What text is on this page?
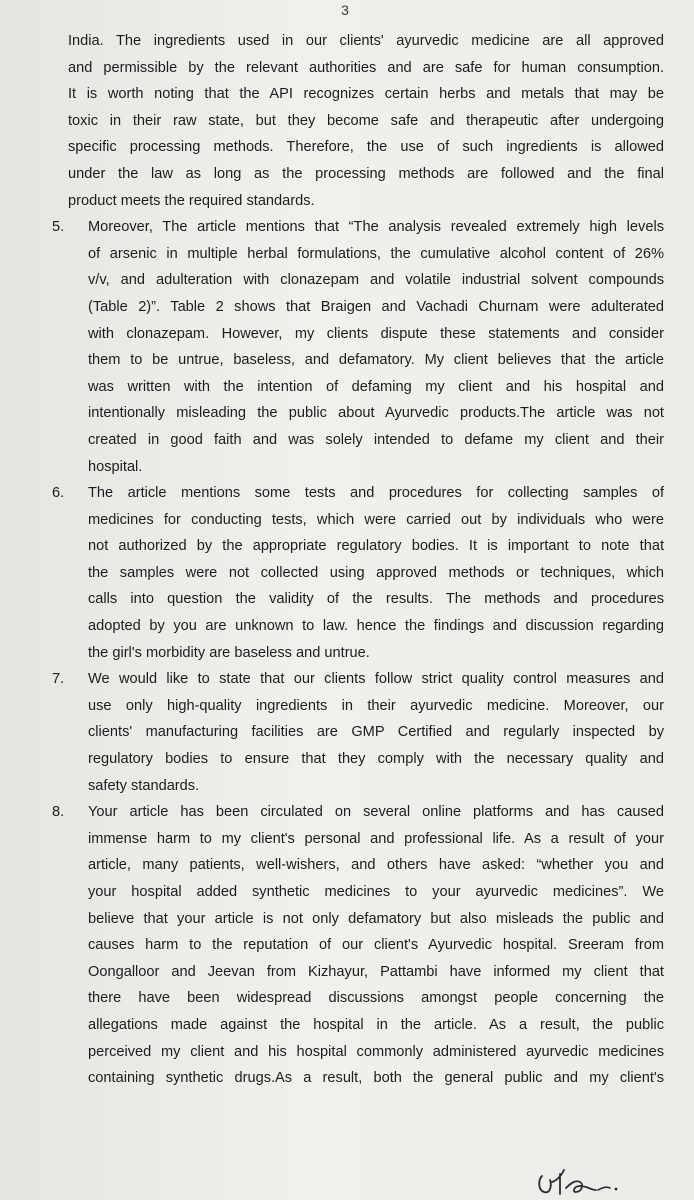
3
India. The ingredients used in our clients' ayurvedic medicine are all approved
and permissible by the relevant authorities and are safe for human consumption.
It is worth noting that the API recognizes certain herbs and metals that may be
toxic in their raw state, but they become safe and therapeutic after undergoing
specific processing methods. Therefore, the use of such ingredients is allowed
under the law as long as the processing methods are followed and the final
product meets the required standards.
5.	Moreover, The article mentions that “The analysis revealed extremely high levels
of arsenic in multiple herbal formulations, the cumulative alcohol content of 26%
v/v, and adulteration with clonazepam and volatile industrial solvent compounds
(Table 2)”. Table 2 shows that Braigen and Vachadi Churnam were adulterated
with clonazepam. However, my clients dispute these statements and consider
them to be untrue, baseless, and defamatory. My client believes that the article
was written with the intention of defaming my client and his hospital and
intentionally misleading the public about Ayurvedic products.The article was not
created in good faith and was solely intended to defame my client and their
hospital.
6.	The article mentions some tests and procedures for collecting samples of
medicines for conducting tests, which were carried out by individuals who were
not authorized by the appropriate regulatory bodies. It is important to note that
the samples were not collected using approved methods or techniques, which
calls into question the validity of the results. The methods and procedures
adopted by you are unknown to law. hence the findings and discussion regarding
the girl's morbidity are baseless and untrue.
7.	We would like to state that our clients follow strict quality control measures and
use only high-quality ingredients in their ayurvedic medicine. Moreover, our
clients' manufacturing facilities are GMP Certified and regularly inspected by
regulatory bodies to ensure that they comply with the necessary quality and
safety standards.
8.	Your article has been circulated on several online platforms and has caused
immense harm to my client's personal and professional life. As a result of your
article, many patients, well-wishers, and others have asked: “whether you and
your hospital added synthetic medicines to your ayurvedic medicines”. We
believe that your article is not only defamatory but also misleads the public and
causes harm to the reputation of our client's Ayurvedic hospital. Sreeram from
Oongalloor and Jeevan from Kizhayur, Pattambi have informed my client that
there have been widespread discussions amongst people concerning the
allegations made against the hospital in the article. As a result, the public
perceived my client and his hospital commonly administered ayurvedic medicines
containing synthetic drugs.As a result, both the general public and my client's
